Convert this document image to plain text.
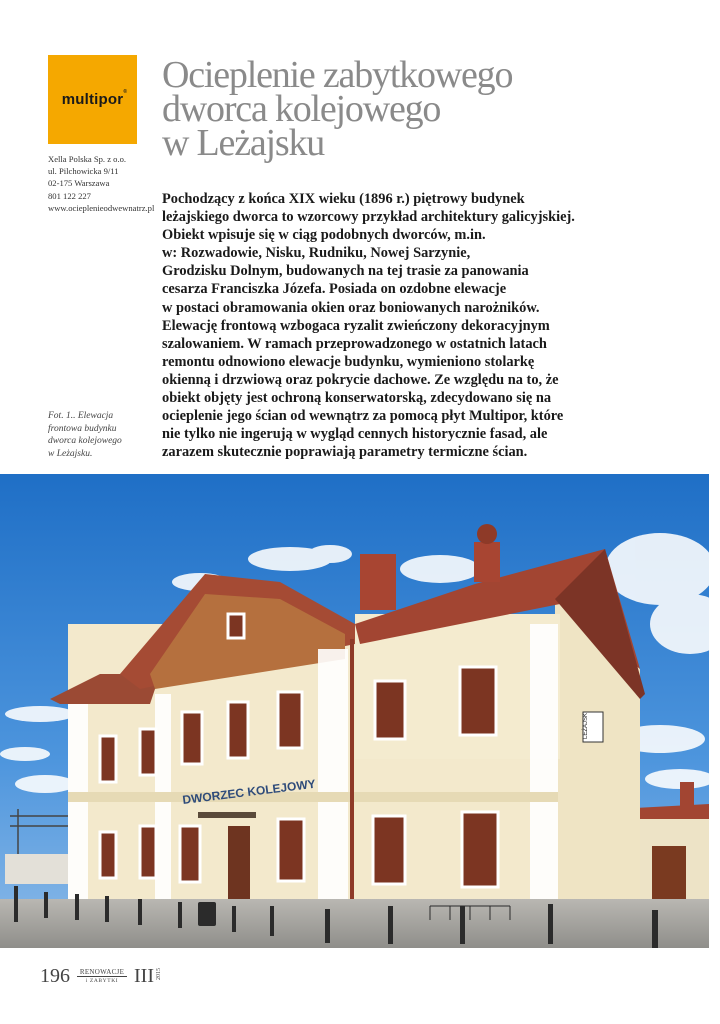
multipor ® Ocieplenie zabytkowego
dworca kolejowego
w Leżajsku
Xella Polska Sp. z o.o.
ul. Pilchowicka 9/11
02-175 Warszawa
801 122 227
www.ocieplenieodwewnatrz.pl
Pochodzący z końca XIX wieku (1896 r.) piętrowy budynek
leżajskiego dworca to wzorcowy przykład architektury galicyjskiej.
Obiekt wpisuje się w ciąg podobnych dworców, m.in.
w: Rozwadowie, Nisku, Rudniku, Nowej Sarzynie,
Grodzisku Dolnym, budowanych na tej trasie za panowania
cesarza Franciszka Józefa. Posiada on ozdobne elewacje
w postaci obramowania okien oraz boniowanych narożników.
Elewację frontową wzbogaca ryzalit zwieńczony dekoracyjnym
szalowaniem. W ramach przeprowadzonego w ostatnich latach
remontu odnowiono elewacje budynku, wymieniono stolarkę
okienną i drzwiową oraz pokrycie dachowe. Ze względu na to, że
obiekt objęty jest ochroną konserwatorską, zdecydowano się na
ocieplenie jego ścian od wewnątrz za pomocą płyt Multipor, które
nie tylko nie ingerują w wygląd cennych historycznie fasad, ale
zarazem skutecznie poprawiają parametry termiczne ścian.
Fot. 1.. Elewacja
frontowa budynku
dworca kolejowego
w Leżajsku.
DWORZEC KOLEJOWY
LEŻAJSK
196	RENOWACJE
i ZABYTKI III 2015
